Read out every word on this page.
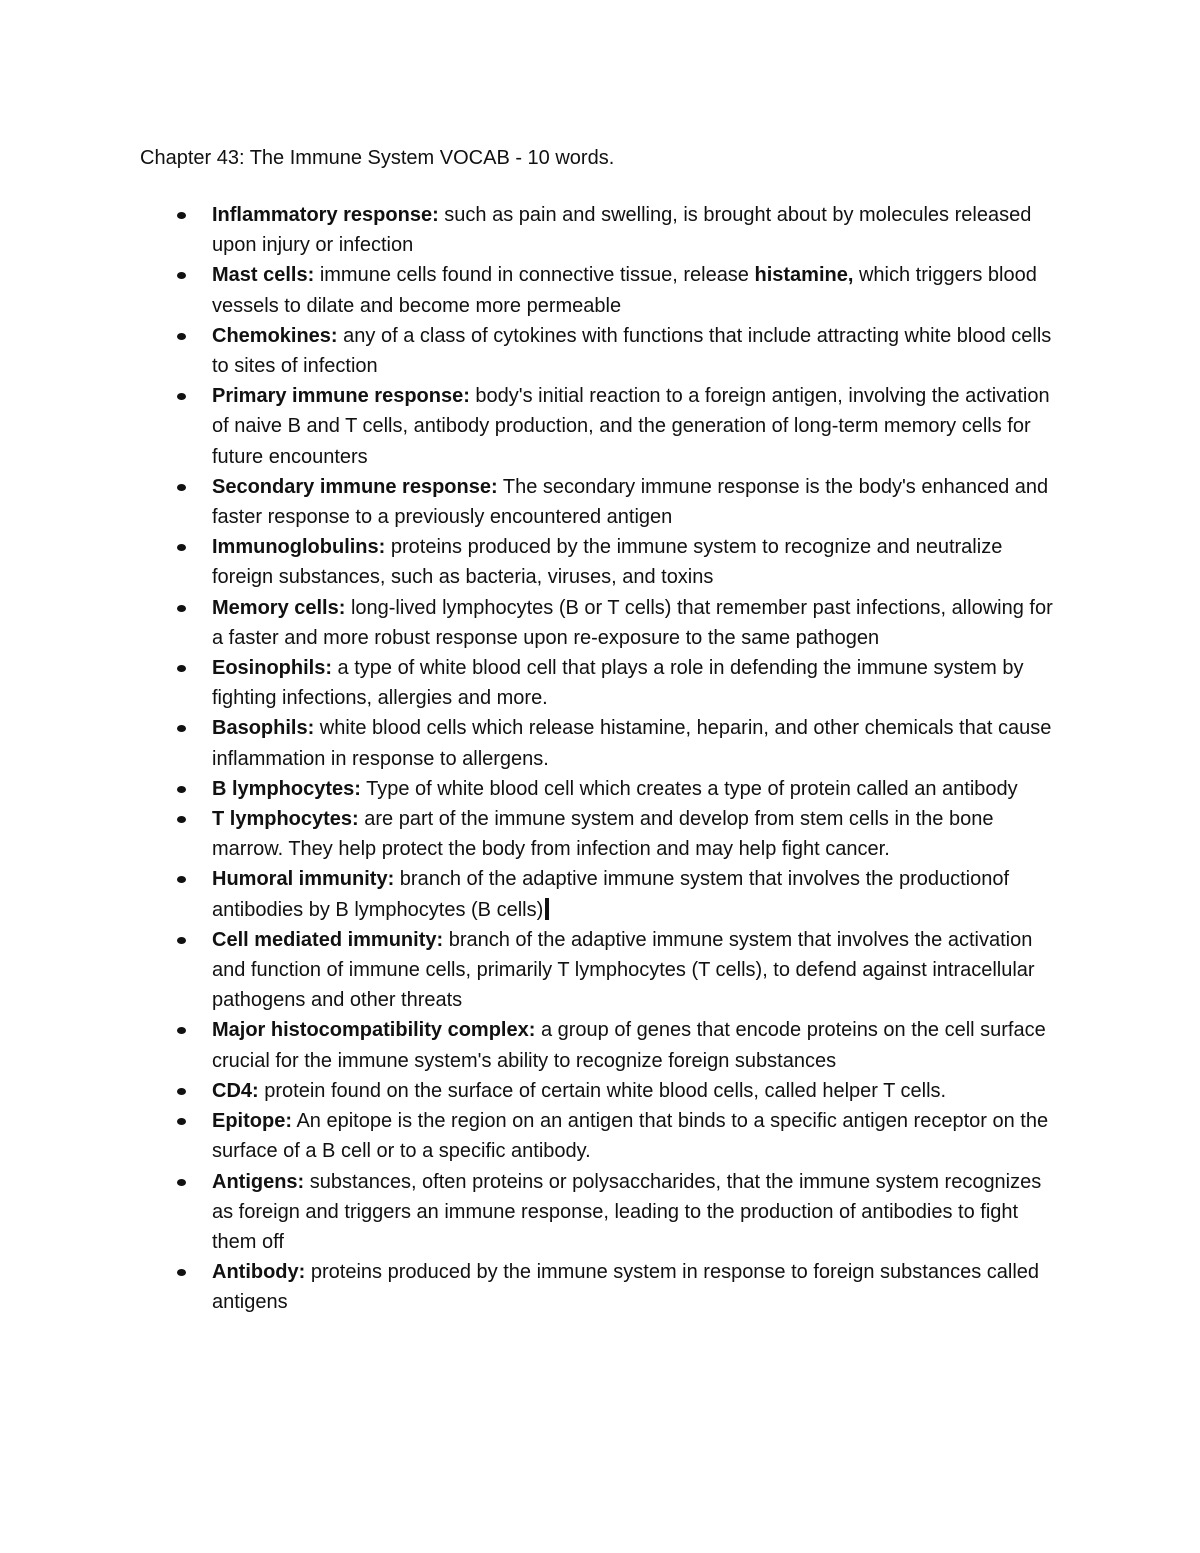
Chapter 43: The Immune System VOCAB - 10 words.
Inflammatory response: such as pain and swelling, is brought about by molecules released upon injury or infection
Mast cells: immune cells found in connective tissue, release histamine, which triggers blood vessels to dilate and become more permeable
Chemokines: any of a class of cytokines with functions that include attracting white blood cells to sites of infection
Primary immune response: body's initial reaction to a foreign antigen, involving the activation of naive B and T cells, antibody production, and the generation of long-term memory cells for future encounters
Secondary immune response: The secondary immune response is the body's enhanced and faster response to a previously encountered antigen
Immunoglobulins: proteins produced by the immune system to recognize and neutralize foreign substances, such as bacteria, viruses, and toxins
Memory cells: long-lived lymphocytes (B or T cells) that remember past infections, allowing for a faster and more robust response upon re-exposure to the same pathogen
Eosinophils: a type of white blood cell that plays a role in defending the immune system by fighting infections, allergies and more.
Basophils: white blood cells which release histamine, heparin, and other chemicals that cause inflammation in response to allergens.
B lymphocytes: Type of white blood cell which creates a type of protein called an antibody
T lymphocytes: are part of the immune system and develop from stem cells in the bone marrow. They help protect the body from infection and may help fight cancer.
Humoral immunity: branch of the adaptive immune system that involves the productionof antibodies by B lymphocytes (B cells)
Cell mediated immunity: branch of the adaptive immune system that involves the activation and function of immune cells, primarily T lymphocytes (T cells), to defend against intracellular pathogens and other threats
Major histocompatibility complex: a group of genes that encode proteins on the cell surface crucial for the immune system's ability to recognize foreign substances
CD4: protein found on the surface of certain white blood cells, called helper T cells.
Epitope: An epitope is the region on an antigen that binds to a specific antigen receptor on the surface of a B cell or to a specific antibody.
Antigens: substances, often proteins or polysaccharides, that the immune system recognizes as foreign and triggers an immune response, leading to the production of antibodies to fight them off
Antibody: proteins produced by the immune system in response to foreign substances called antigens
